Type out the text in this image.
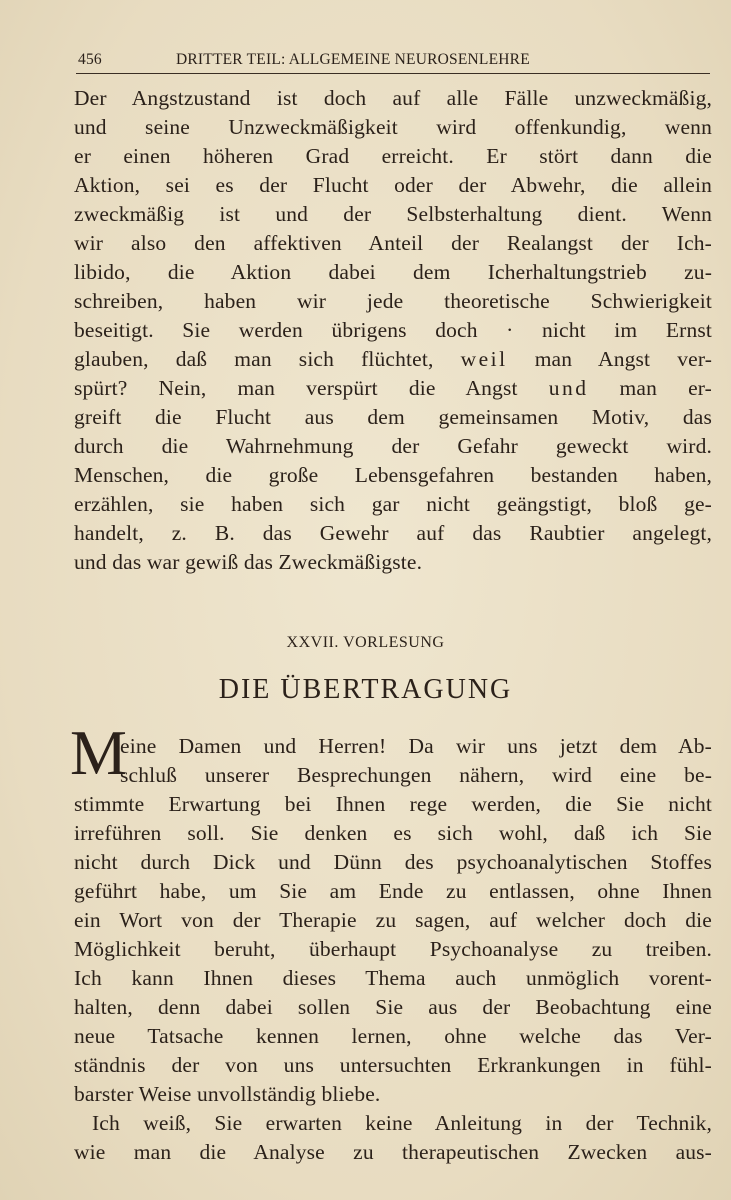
456	DRITTER TEIL: ALLGEMEINE NEUROSENLEHRE
Der Angstzustand ist doch auf alle Fälle unzweckmäßig,
und seine Unzweckmäßigkeit wird offenkundig, wenn
er einen höheren Grad erreicht. Er stört dann die
Aktion, sei es der Flucht oder der Abwehr, die allein
zweckmäßig ist und der Selbsterhaltung dient. Wenn
wir also den affektiven Anteil der Realangst der Ich-
libido, die Aktion dabei dem Icherhaltungstrieb zu-
schreiben, haben wir jede theoretische Schwierigkeit
beseitigt. Sie werden übrigens doch · nicht im Ernst
glauben, daß man sich flüchtet, weil man Angst ver-
spürt? Nein, man verspürt die Angst und man er-
greift die Flucht aus dem gemeinsamen Motiv, das
durch die Wahrnehmung der Gefahr geweckt wird.
Menschen, die große Lebensgefahren bestanden haben,
erzählen, sie haben sich gar nicht geängstigt, bloß ge-
handelt, z. B. das Gewehr auf das Raubtier angelegt,
und das war gewiß das Zweckmäßigste.
XXVII. VORLESUNG
DIE ÜBERTRAGUNG
M
eine Damen und Herren! Da wir uns jetzt dem Ab-
schluß unserer Besprechungen nähern, wird eine be-
stimmte Erwartung bei Ihnen rege werden, die Sie nicht
irreführen soll. Sie denken es sich wohl, daß ich Sie
nicht durch Dick und Dünn des psychoanalytischen Stoffes
geführt habe, um Sie am Ende zu entlassen, ohne Ihnen
ein Wort von der Therapie zu sagen, auf welcher doch die
Möglichkeit beruht, überhaupt Psychoanalyse zu treiben.
Ich kann Ihnen dieses Thema auch unmöglich vorent-
halten, denn dabei sollen Sie aus der Beobachtung eine
neue Tatsache kennen lernen, ohne welche das Ver-
ständnis der von uns untersuchten Erkrankungen in fühl-
barster Weise unvollständig bliebe.
Ich weiß, Sie erwarten keine Anleitung in der Technik,
wie man die Analyse zu therapeutischen Zwecken aus-
